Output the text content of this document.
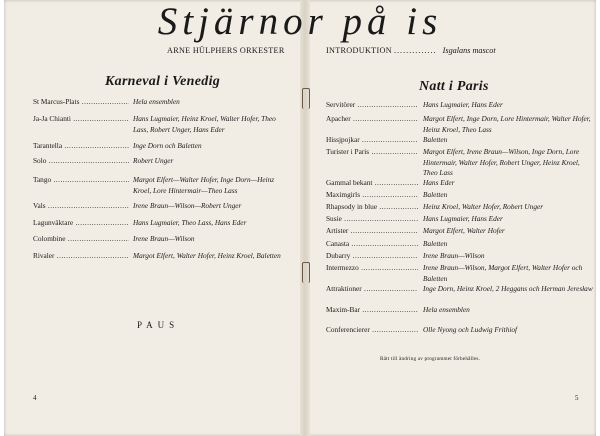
Stjärnor på is
ARNE HÜLPHERS ORKESTER	INTRODUKTION .............. Isgalans mascot
Karneval i Venedig
St Marcus-Plats .....	Hela ensemblen
Ja-Ja Chianti .....	Hans Lugmaier, Heinz Kroel, Walter Hofer, Theo Lass, Robert Unger, Hans Eder
Tarantella .....	Inge Dorn och Baletten
Solo .....	Robert Unger
Tango .....	Margot Elfert—Walter Hofer, Inge Dorn—Heinz Kroel, Lore Hintermair—Theo Lass
Vals .....	Irene Braun—Wilson—Robert Unger
Lagunväktare .....	Hans Lugmaier, Theo Lass, Hans Eder
Colombine .....	Irene Braun—Wilson
Rivaler .....	Margot Elfert, Walter Hofer, Heinz Kroel, Baletten
PAUS
4
Natt i Paris
Servitörer .....	Hans Lugmaier, Hans Eder
Apacher .....	Margot Elfert, Inge Dorn, Lore Hintermair, Walter Hofer, Heinz Kroel, Theo Lass
Hissjpojkar .....	Baletten
Turister i Paris .....	Margot Elfert, Irene Braun—Wilson, Inge Dorn, Lore Hintermair, Walter Hofer, Robert Unger, Heinz Kroel, Theo Lass
Gammal bekant .....	Hans Eder
Maximgirls .....	Baletten
Rhapsody in blue .....	Heinz Kroel, Walter Hofer, Robert Unger
Susie .....	Hans Lugmaier, Hans Eder
Artister .....	Margot Elfert, Walter Hofer
Canasta .....	Baletten
Dubarry .....	Irene Braun—Wilson
Intermezzo .....	Irene Braun—Wilson, Margot Elfert, Walter Hofer och Baletten
Attraktioner .....	Inge Dorn, Heinz Kroel, 2 Heggans och Herman Jeresław
Maxim-Bar .....	Hela ensemblen
Conferencierer .....	Olle Nyong och Ludwig Frithiof
Rätt till ändring av programmet förbehålles.
5
